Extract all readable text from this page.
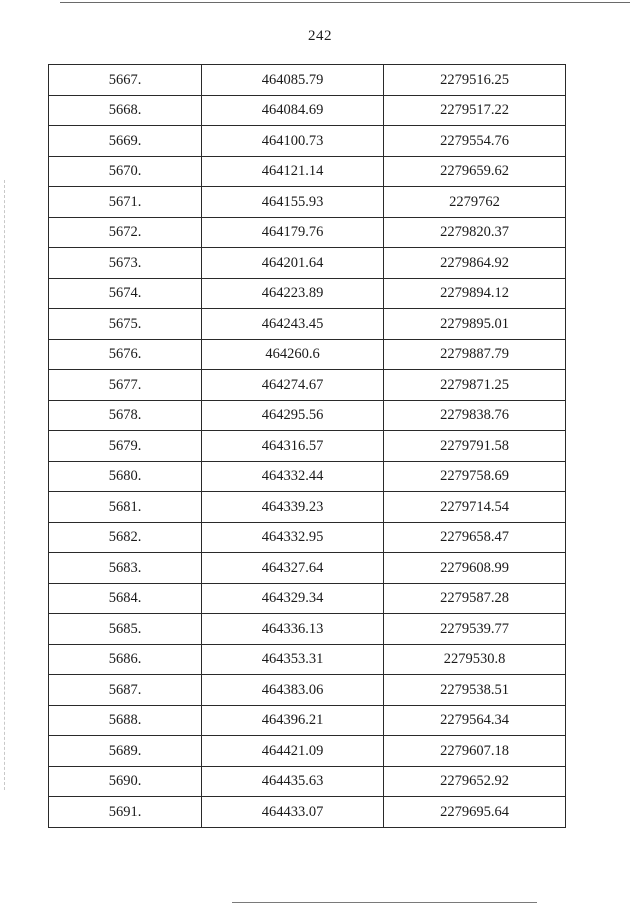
242
5667.	464085.79	2279516.25
5668.	464084.69	2279517.22
5669.	464100.73	2279554.76
5670.	464121.14	2279659.62
5671.	464155.93	2279762
5672.	464179.76	2279820.37
5673.	464201.64	2279864.92
5674.	464223.89	2279894.12
5675.	464243.45	2279895.01
5676.	464260.6	2279887.79
5677.	464274.67	2279871.25
5678.	464295.56	2279838.76
5679.	464316.57	2279791.58
5680.	464332.44	2279758.69
5681.	464339.23	2279714.54
5682.	464332.95	2279658.47
5683.	464327.64	2279608.99
5684.	464329.34	2279587.28
5685.	464336.13	2279539.77
5686.	464353.31	2279530.8
5687.	464383.06	2279538.51
5688.	464396.21	2279564.34
5689.	464421.09	2279607.18
5690.	464435.63	2279652.92
5691.	464433.07	2279695.64
